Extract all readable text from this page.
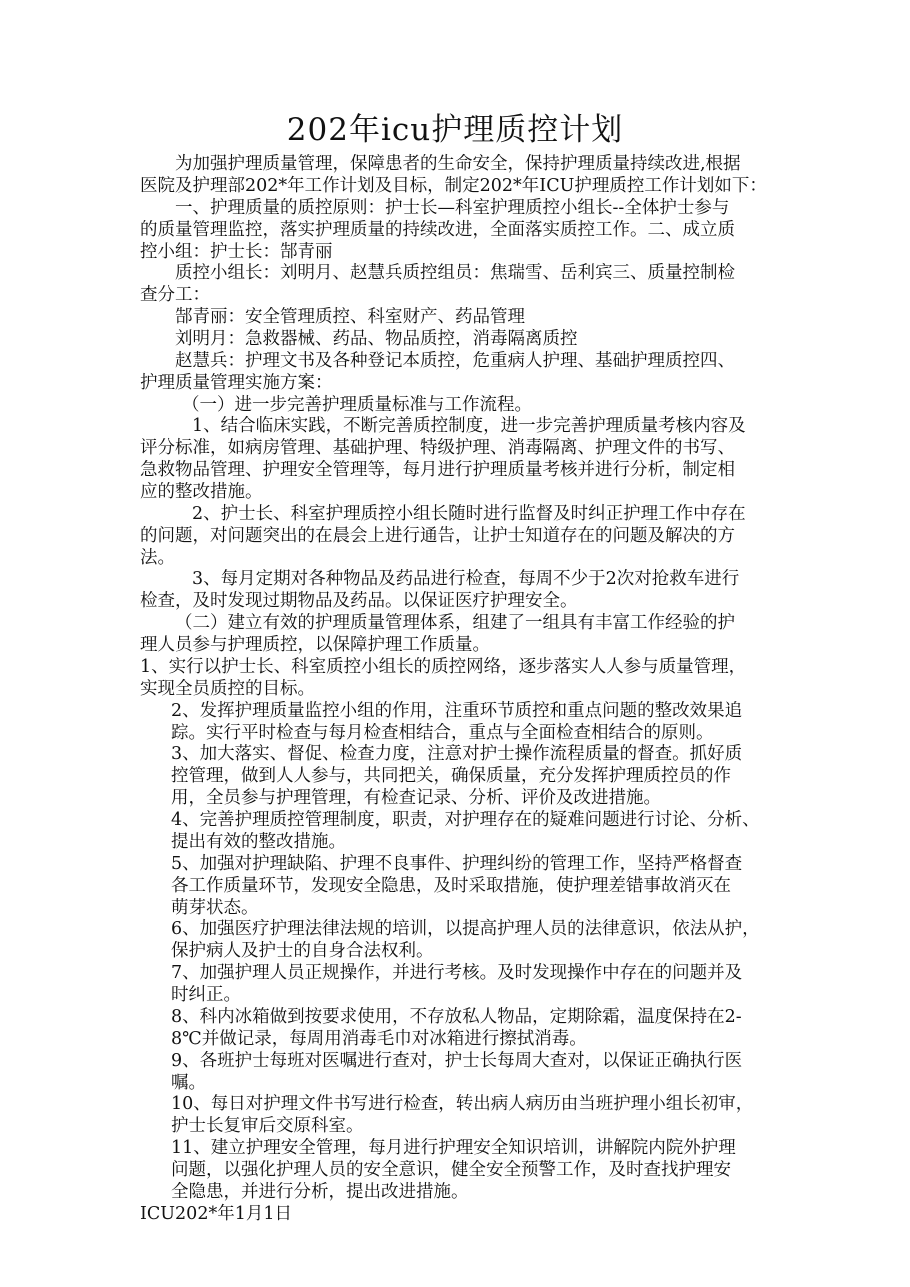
202年icu护理质控计划
为加强护理质量管理，保障患者的生命安全，保持护理质量持续改进,根据
医院及护理部202*年工作计划及目标，制定202*年ICU护理质控工作计划如下：
一、护理质量的质控原则：护士长—科室护理质控小组长--全体护士参与
的质量管理监控，落实护理质量的持续改进，全面落实质控工作。二、成立质
控小组：护士长：郜青丽
质控小组长：刘明月、赵慧兵质控组员：焦瑞雪、岳利宾三、质量控制检
查分工：
郜青丽：安全管理质控、科室财产、药品管理
刘明月：急救器械、药品、物品质控，消毒隔离质控
赵慧兵：护理文书及各种登记本质控，危重病人护理、基础护理质控四、
护理质量管理实施方案：
（一）进一步完善护理质量标准与工作流程。
1、结合临床实践，不断完善质控制度，进一步完善护理质量考核内容及
评分标准，如病房管理、基础护理、特级护理、消毒隔离、护理文件的书写、
急救物品管理、护理安全管理等，每月进行护理质量考核并进行分析，制定相
应的整改措施。
2、护士长、科室护理质控小组长随时进行监督及时纠正护理工作中存在
的问题，对问题突出的在晨会上进行通告，让护士知道存在的问题及解决的方
法。
3、每月定期对各种物品及药品进行检查，每周不少于2次对抢救车进行
检查，及时发现过期物品及药品。以保证医疗护理安全。
（二）建立有效的护理质量管理体系，组建了一组具有丰富工作经验的护
理人员参与护理质控，以保障护理工作质量。
1、实行以护士长、科室质控小组长的质控网络，逐步落实人人参与质量管理，
实现全员质控的目标。
2、发挥护理质量监控小组的作用，注重环节质控和重点问题的整改效果追
踪。实行平时检查与每月检查相结合，重点与全面检查相结合的原则。
3、加大落实、督促、检查力度，注意对护士操作流程质量的督查。抓好质
控管理，做到人人参与，共同把关，确保质量，充分发挥护理质控员的作
用，全员参与护理管理，有检查记录、分析、评价及改进措施。
4、完善护理质控管理制度，职责，对护理存在的疑难问题进行讨论、分析、
提出有效的整改措施。
5、加强对护理缺陷、护理不良事件、护理纠纷的管理工作，坚持严格督查
各工作质量环节，发现安全隐患，及时采取措施，使护理差错事故消灭在
萌芽状态。
6、加强医疗护理法律法规的培训，以提高护理人员的法律意识，依法从护，
保护病人及护士的自身合法权利。
7、加强护理人员正规操作，并进行考核。及时发现操作中存在的问题并及
时纠正。
8、科内冰箱做到按要求使用，不存放私人物品，定期除霜，温度保持在2-
8℃并做记录，每周用消毒毛巾对冰箱进行擦拭消毒。
9、各班护士每班对医嘱进行查对，护士长每周大查对，以保证正确执行医
嘱。
10、每日对护理文件书写进行检查，转出病人病历由当班护理小组长初审，
护士长复审后交原科室。
11、建立护理安全管理，每月进行护理安全知识培训，讲解院内院外护理
问题，以强化护理人员的安全意识，健全安全预警工作，及时查找护理安
全隐患，并进行分析，提出改进措施。
ICU202*年1月1日
